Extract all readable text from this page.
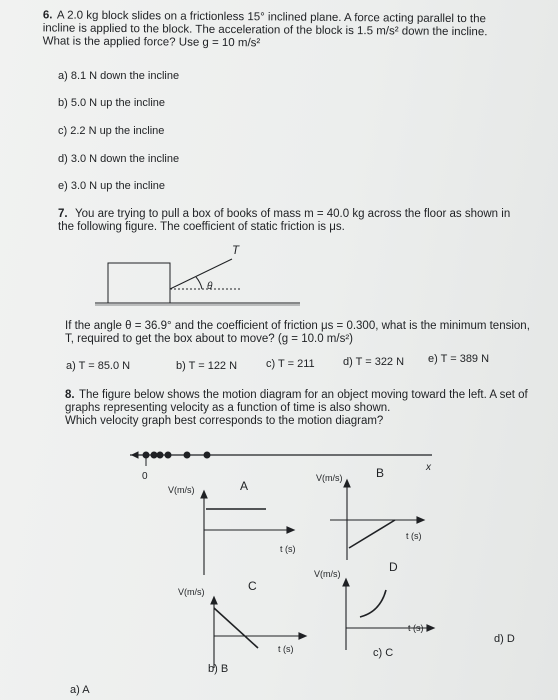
6. A 2.0 kg block slides on a frictionless 15° inclined plane. A force acting parallel to the
incline is applied to the block. The acceleration of the block is 1.5 m/s² down the incline.
What is the applied force? Use g = 10 m/s²
a) 8.1 N down the incline
b) 5.0 N up the incline
c) 2.2 N up the incline
d) 3.0 N down the incline
e) 3.0 N up the incline
7. You are trying to pull a box of books of mass m = 40.0 kg across the floor as shown in
the following figure. The coefficient of static friction is μs.
T
θ
If the angle θ = 36.9° and the coefficient of friction μs = 0.300, what is the minimum tension,
T, required to get the box about to move? (g = 10.0 m/s²)
a) T = 85.0 N	b) T = 122 N	c) T = 211	d) T = 322 N e) T = 389 N
8. The figure below shows the motion diagram for an object moving toward the left. A set of
graphs representing velocity as a function of time is also shown.
Which velocity graph best corresponds to the motion diagram?
0
x
V(m/s)	A
t (s)
V(m/s)	B
t (s)
V(m/s)	C
t (s)
V(m/s)	D
t (s)
a) A
b) B
c) C
d) D
